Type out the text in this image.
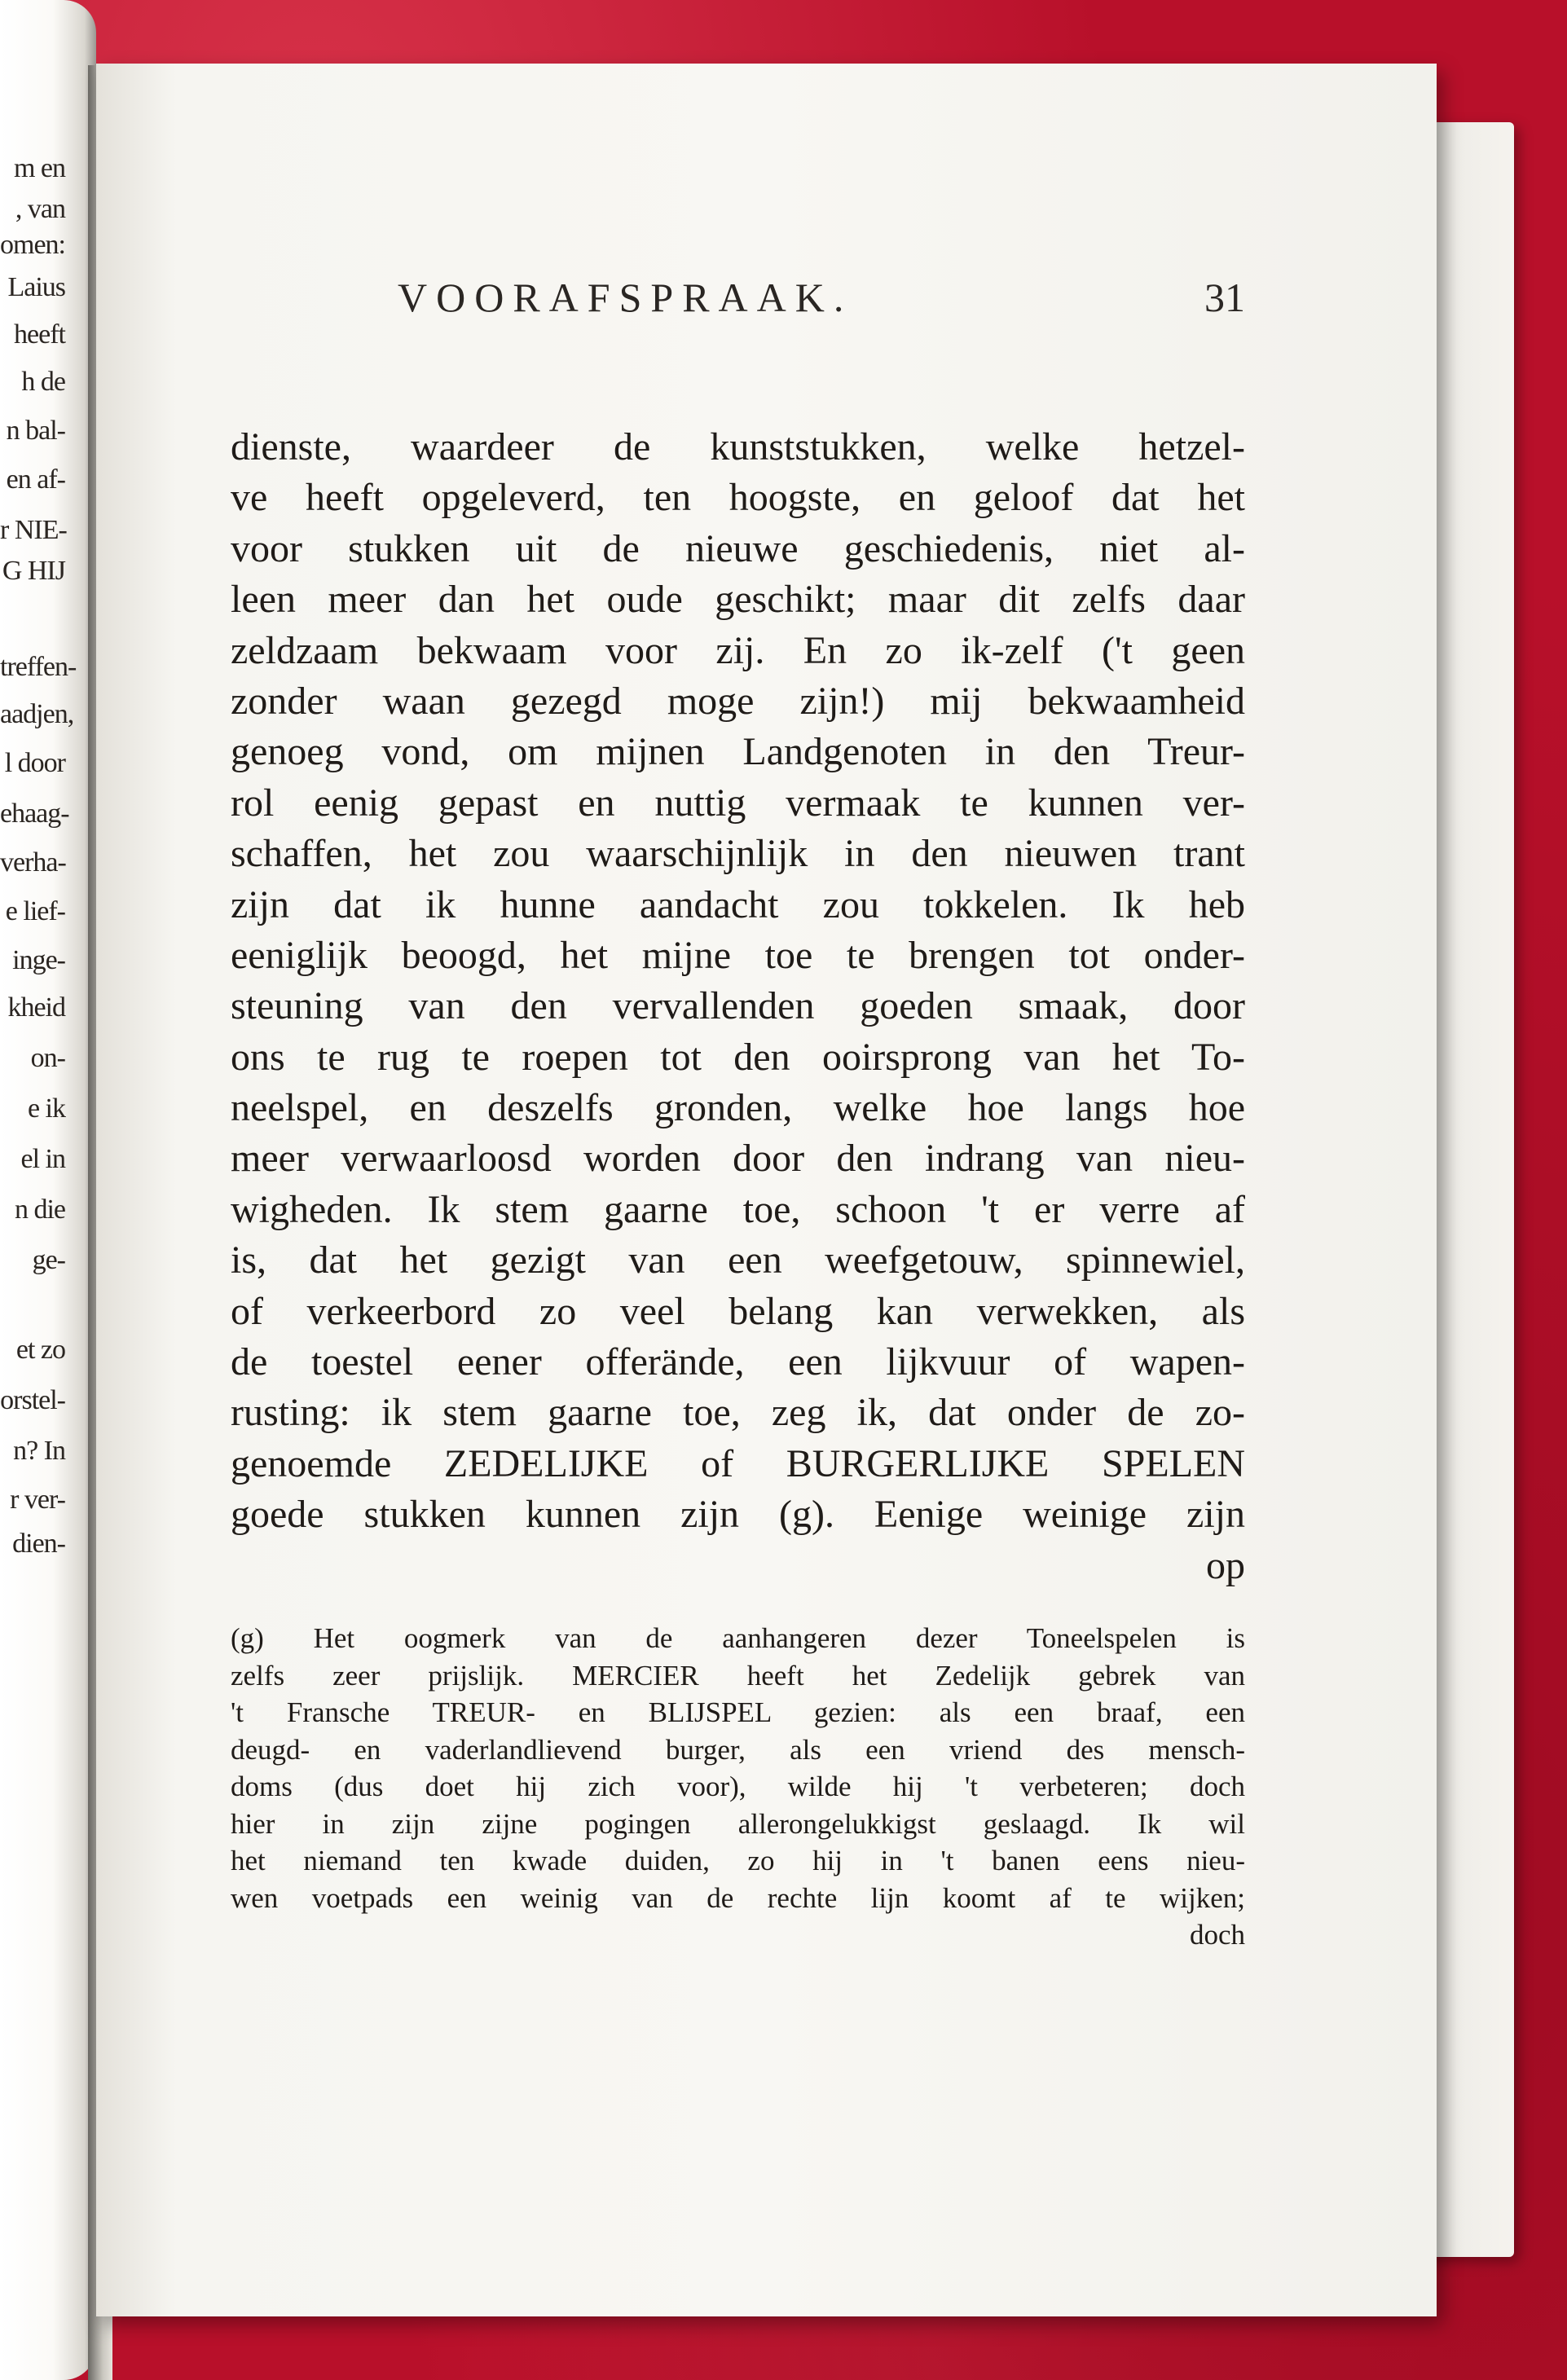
m en
, van
omen:
Laius
heeft
h de
n bal-
en af-
r NIE-
G HIJ
treffen-
aadjen,
l door
ehaag-
verha-
e lief-
inge-
kheid
on-
e ik
el in
n die
ge-
et zo
orstel-
n? In
r ver-
dien-
VOORAFSPRAAK.	31
dienste, waardeer de kunststukken, welke hetzel-
ve heeft opgeleverd, ten hoogste, en geloof dat het
voor stukken uit de nieuwe geschiedenis, niet al-
leen meer dan het oude geschikt; maar dit zelfs daar
zeldzaam bekwaam voor zij. En zo ik-zelf ('t geen
zonder waan gezegd moge zijn!) mij bekwaamheid
genoeg vond, om mijnen Landgenoten in den Treur-
rol eenig gepast en nuttig vermaak te kunnen ver-
schaffen, het zou waarschijnlijk in den nieuwen trant
zijn dat ik hunne aandacht zou tokkelen. Ik heb
eeniglijk beoogd, het mijne toe te brengen tot onder-
steuning van den vervallenden goeden smaak, door
ons te rug te roepen tot den ooirsprong van het To-
neelspel, en deszelfs gronden, welke hoe langs hoe
meer verwaarloosd worden door den indrang van nieu-
wigheden. Ik stem gaarne toe, schoon 't er verre af
is, dat het gezigt van een weefgetouw, spinnewiel,
of verkeerbord zo veel belang kan verwekken, als
de toestel eener offerände, een lijkvuur of wapen-
rusting: ik stem gaarne toe, zeg ik, dat onder de zo-
genoemde ZEDELIJKE of BURGERLIJKE SPELEN
goede stukken kunnen zijn (g). Eenige weinige zijn
op
(g) Het oogmerk van de aanhangeren dezer Toneelspelen is
zelfs zeer prijslijk. MERCIER heeft het Zedelijk gebrek van
't Fransche TREUR- en BLIJSPEL gezien: als een braaf, een
deugd- en vaderlandlievend burger, als een vriend des mensch-
doms (dus doet hij zich voor), wilde hij 't verbeteren; doch
hier in zijn zijne pogingen allerongelukkigst geslaagd. Ik wil
het niemand ten kwade duiden, zo hij in 't banen eens nieu-
wen voetpads een weinig van de rechte lijn koomt af te wijken;
doch
